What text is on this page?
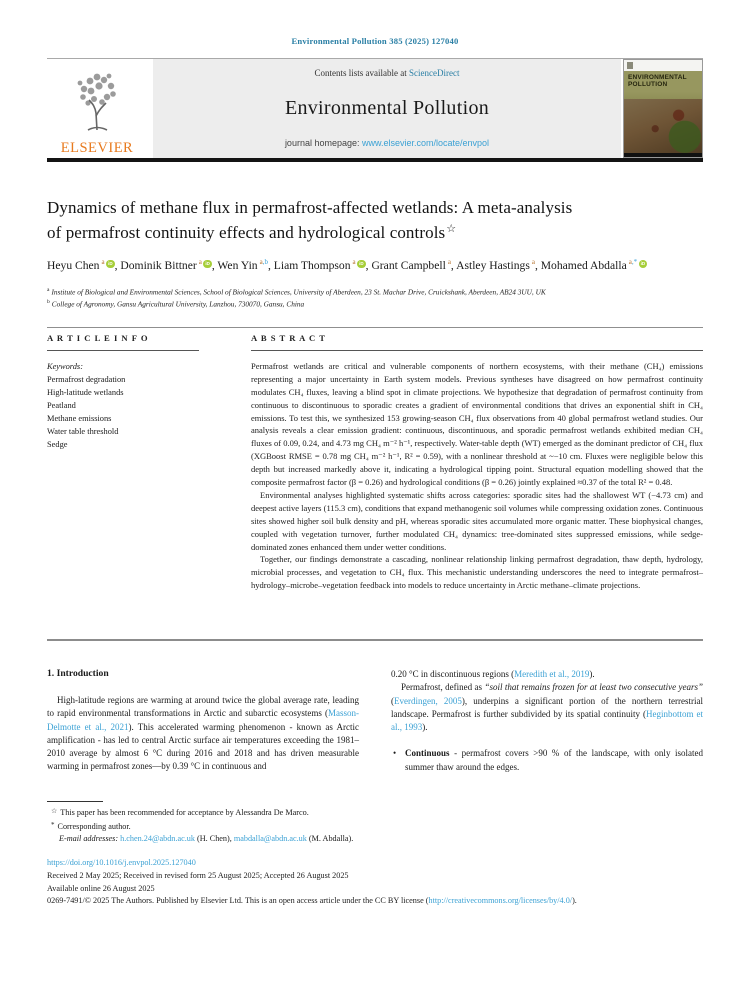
Environmental Pollution 385 (2025) 127040
ELSEVIER
Contents lists available at ScienceDirect
Environmental Pollution
journal homepage: www.elsevier.com/locate/envpol
ENVIRONMENTAL
POLLUTION
Dynamics of methane flux in permafrost-affected wetlands: A meta-analysis
of permafrost continuity effects and hydrological controls☆

Heyu Chen $^a$ iD , Dominik Bittner $^a$ iD , Wen Yin $^{a,b}$, Liam Thompson $^a$ iD , Grant Campbell $^a$, Astley Hastings $^a$, Mohamed Abdalla $^{a,*}$ iD

$^a$ Institute of Biological and Environmental Sciences, School of Biological Sciences, University of Aberdeen, 23 St. Machar Drive, Cruickshank, Aberdeen, AB24 3UU, UK
$^b$ College of Agronomy, Gansu Agricultural University, Lanzhou, 730070, Gansu, China
A R T I C L E I N F O
Keywords:
Permafrost degradation
High-latitude wetlands
Peatland
Methane emissions
Water table threshold
Sedge
A B S T R A C T

Permafrost wetlands are critical and vulnerable components of northern ecosystems, with their methane (CH₄) emissions representing a major uncertainty in Earth system models. Previous syntheses have disagreed on how permafrost continuity modulates CH₄ fluxes, leaving a blind spot in climate projections. We hypothesize that degradation of permafrost continuity from continuous to discontinuous to sporadic creates a gradient of environmental conditions that drives an exponential shift in CH₄ emissions. To test this, we synthesized 153 growing-season CH₄ flux observations from 40 global permafrost wetland studies. Our analysis reveals a clear emission gradient: continuous, discontinuous, and sporadic permafrost wetlands exhibited median CH₄ fluxes of 0.09, 0.24, and 4.73 mg CH₄ m⁻² h⁻¹, respectively. Water-table depth (WT) emerged as the dominant predictor of CH₄ flux (XGBoost RMSE = 0.78 mg CH₄ m⁻² h⁻¹, R² = 0.59), with a nonlinear threshold at ~−10 cm. Fluxes were negligible below this depth but increased markedly above it, indicating a hydrological tipping point. Structural equation modelling showed that the composite permafrost factor (β = 0.26) and hydrological conditions (β = 0.26) jointly explained ≈0.37 of the total R² = 0.48.

Environmental analyses highlighted systematic shifts across categories: sporadic sites had the shallowest WT (−4.73 cm) and deepest active layers (115.3 cm), conditions that expand methanogenic soil volumes while compressing oxidation zones. Continuous sites showed higher soil bulk density and pH, whereas sporadic sites accumulated more organic matter. These biophysical changes, coupled with vegetation turnover, further modulated CH₄ dynamics: tree-dominated sites suppressed emissions, while sedge-dominated zones enhanced them under wetter conditions.

Together, our findings demonstrate a cascading, nonlinear relationship linking permafrost degradation, thaw depth, hydrology, microbial processes, and vegetation to CH₄ flux. This mechanistic understanding underscores the need to integrate permafrost–hydrology–microbe–vegetation feedback into models to reduce uncertainty in Arctic methane–climate projections.

1. Introduction

High-latitude regions are warming at around twice the global average rate, leading to rapid environmental transformations in Arctic and subarctic ecosystems (Masson-Delmotte et al., 2021). This accelerated warming phenomenon - known as Arctic amplification - has led to central Arctic surface air temperatures exceeding the 1981–2010 average by almost 6 °C during 2016 and 2018 and has driven measurable warming in permafrost zones—by 0.39 °C in continuous and

0.20 °C in discontinuous regions (Meredith et al., 2019).

Permafrost, defined as “soil that remains frozen for at least two consecutive years” (Everdingen, 2005), underpins a significant portion of the northern terrestrial landscape. Permafrost is further subdivided by its spatial continuity (Heginbottom et al., 1993).

• Continuous - permafrost covers >90 % of the landscape, with only isolated summer thaw around the edges.
☆ This paper has been recommended for acceptance by Alessandra De Marco.
* Corresponding author.
E-mail addresses: h.chen.24@abdn.ac.uk (H. Chen), mabdalla@abdn.ac.uk (M. Abdalla).
https://doi.org/10.1016/j.envpol.2025.127040
Received 2 May 2025; Received in revised form 25 August 2025; Accepted 26 August 2025
Available online 26 August 2025
0269-7491/© 2025 The Authors. Published by Elsevier Ltd. This is an open access article under the CC BY license (http://creativecommons.org/licenses/by/4.0/).
